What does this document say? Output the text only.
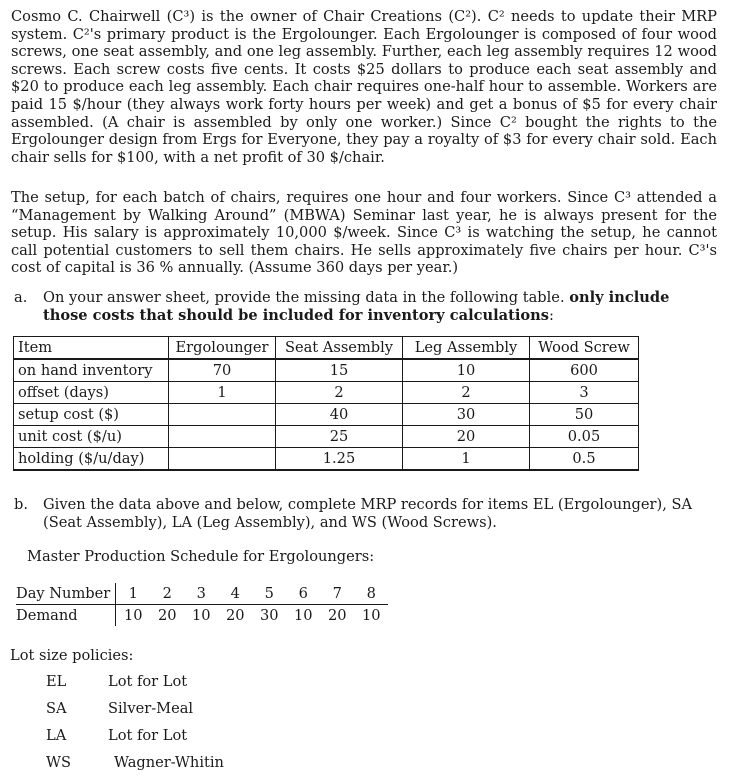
Cosmo C. Chairwell (C³) is the owner of Chair Creations (C²). C² needs to update their MRP system. C²'s primary product is the Ergolounger. Each Ergolounger is composed of four wood screws, one seat assembly, and one leg assembly. Further, each leg assembly requires 12 wood screws. Each screw costs five cents. It costs $25 dollars to produce each seat assembly and $20 to produce each leg assembly. Each chair requires one-half hour to assemble. Workers are paid 15 $/hour (they always work forty hours per week) and get a bonus of $5 for every chair assembled. (A chair is assembled by only one worker.) Since C² bought the rights to the Ergolounger design from Ergs for Everyone, they pay a royalty of $3 for every chair sold. Each chair sells for $100, with a net profit of 30 $/chair.

The setup, for each batch of chairs, requires one hour and four workers. Since C³ attended a “Management by Walking Around” (MBWA) Seminar last year, he is always present for the setup. His salary is approximately 10,000 $/week. Since C³ is watching the setup, he cannot call potential customers to sell them chairs. He sells approximately five chairs per hour. C³'s cost of capital is 36 % annually. (Assume 360 days per year.)

a. On your answer sheet, provide the missing data in the following table. only include those costs that should be included for inventory calculations:
Item	Ergolounger	Seat Assembly	Leg Assembly	Wood Screw
on hand inventory	70	15	10	600
offset (days)	1	2	2	3
setup cost ($)		40	30	50
unit cost ($/u)		25	20	0.05
holding ($/u/day)		1.25	1	0.5
b. Given the data above and below, complete MRP records for items EL (Ergolounger), SA (Seat Assembly), LA (Leg Assembly), and WS (Wood Screws).
Master Production Schedule for Ergoloungers:
Day Number	1	2	3	4	5	6	7	8
Demand	10	20	10	20	30	10	20	10
Lot size policies:
EL	Lot for Lot
SA	Silver-Meal
LA	Lot for Lot
WS	Wagner-Whitin
